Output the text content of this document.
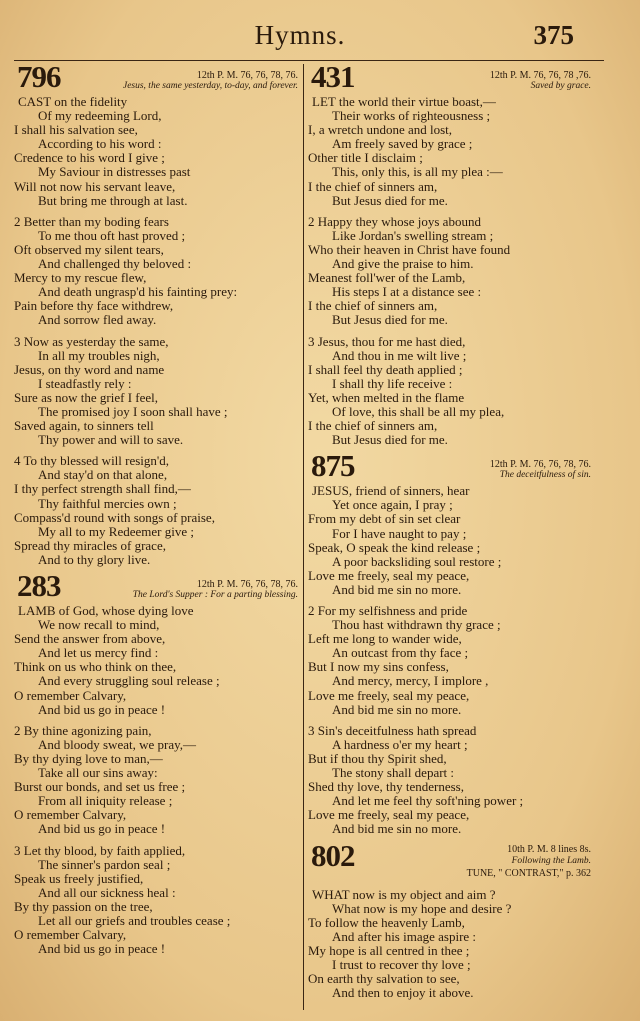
Hymns.	375
796	12th P. M. 76, 76, 78, 76.
Jesus, the same yesterday, to-day, and forever.
CAST on the fidelity
Of my redeeming Lord,
I shall his salvation see,
According to his word :
Credence to his word I give ;
My Saviour in distresses past
Will not now his servant leave,
But bring me through at last.
2 Better than my boding fears
To me thou oft hast proved ;
Oft observed my silent tears,
And challenged thy beloved :
Mercy to my rescue flew,
And death ungrasp'd his fainting prey:
Pain before thy face withdrew,
And sorrow fled away.
3 Now as yesterday the same,
In all my troubles nigh,
Jesus, on thy word and name
I steadfastly rely :
Sure as now the grief I feel,
The promised joy I soon shall have ;
Saved again, to sinners tell
Thy power and will to save.
4 To thy blessed will resign'd,
And stay'd on that alone,
I thy perfect strength shall find,—
Thy faithful mercies own ;
Compass'd round with songs of praise,
My all to my Redeemer give ;
Spread thy miracles of grace,
And to thy glory live.
283	12th P. M. 76, 76, 78, 76.
The Lord's Supper : For a parting blessing.
LAMB of God, whose dying love
We now recall to mind,
Send the answer from above,
And let us mercy find :
Think on us who think on thee,
And every struggling soul release ;
O remember Calvary,
And bid us go in peace !
2 By thine agonizing pain,
And bloody sweat, we pray,—
By thy dying love to man,—
Take all our sins away:
Burst our bonds, and set us free ;
From all iniquity release ;
O remember Calvary,
And bid us go in peace !
3 Let thy blood, by faith applied,
The sinner's pardon seal ;
Speak us freely justified,
And all our sickness heal :
By thy passion on the tree,
Let all our griefs and troubles cease ;
O remember Calvary,
And bid us go in peace !
431	12th P. M. 76, 76, 78 ,76.
Saved by grace.
LET the world their virtue boast,—
Their works of righteousness ;
I, a wretch undone and lost,
Am freely saved by grace ;
Other title I disclaim ;
This, only this, is all my plea :—
I the chief of sinners am,
But Jesus died for me.
2 Happy they whose joys abound
Like Jordan's swelling stream ;
Who their heaven in Christ have found
And give the praise to him.
Meanest foll'wer of the Lamb,
His steps I at a distance see :
I the chief of sinners am,
But Jesus died for me.
3 Jesus, thou for me hast died,
And thou in me wilt live ;
I shall feel thy death applied ;
I shall thy life receive :
Yet, when melted in the flame
Of love, this shall be all my plea,
I the chief of sinners am,
But Jesus died for me.
875	12th P. M. 76, 76, 78, 76.
The deceitfulness of sin.
JESUS, friend of sinners, hear
Yet once again, I pray ;
From my debt of sin set clear
For I have naught to pay ;
Speak, O speak the kind release ;
A poor backsliding soul restore ;
Love me freely, seal my peace,
And bid me sin no more.
2 For my selfishness and pride
Thou hast withdrawn thy grace ;
Left me long to wander wide,
An outcast from thy face ;
But I now my sins confess,
And mercy, mercy, I implore ,
Love me freely, seal my peace,
And bid me sin no more.
3 Sin's deceitfulness hath spread
A hardness o'er my heart ;
But if thou thy Spirit shed,
The stony shall depart :
Shed thy love, thy tenderness,
And let me feel thy soft'ning power ;
Love me freely, seal my peace,
And bid me sin no more.
802	10th P. M. 8 lines 8s.
Following the Lamb.
TUNE, " CONTRAST," p. 362
WHAT now is my object and aim ?
What now is my hope and desire ?
To follow the heavenly Lamb,
And after his image aspire :
My hope is all centred in thee ;
I trust to recover thy love ;
On earth thy salvation to see,
And then to enjoy it above.
